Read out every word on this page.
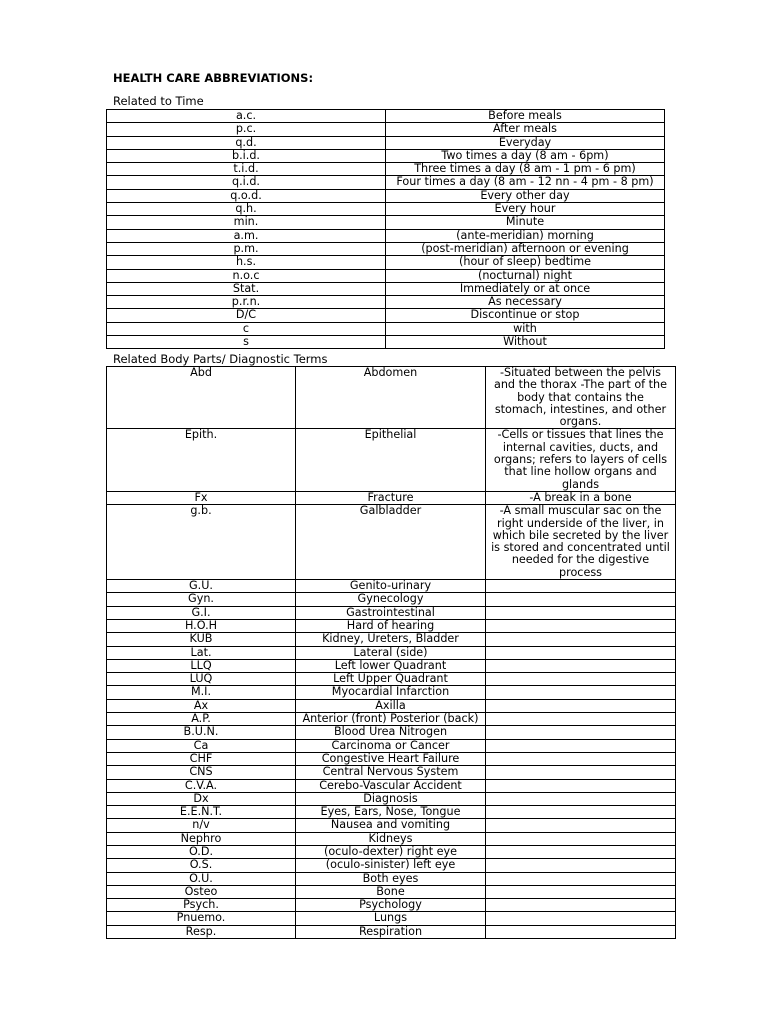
HEALTH CARE ABBREVIATIONS:
Related to Time
a.c.	Before meals
p.c.	After meals
q.d.	Everyday
b.i.d.	Two times a day (8 am - 6pm)
t.i.d.	Three times a day (8 am - 1 pm - 6 pm)
q.i.d.	Four times a day (8 am - 12 nn - 4 pm - 8 pm)
q.o.d.	Every other day
q.h.	Every hour
min.	Minute
a.m.	(ante-meridian) morning
p.m.	(post-meridian) afternoon or evening
h.s.	(hour of sleep) bedtime
n.o.c	(nocturnal) night
Stat.	Immediately or at once
p.r.n.	As necessary
D/C	Discontinue or stop
c	with
s	Without
Related Body Parts/ Diagnostic Terms
Abd	Abdomen	-Situated between the pelvis and the thorax -The part of the body that contains the stomach, intestines, and other organs.
Epith.	Epithelial	-Cells or tissues that lines the internal cavities, ducts, and organs; refers to layers of cells that line hollow organs and glands
Fx	Fracture	-A break in a bone
g.b.	Galbladder	-A small muscular sac on the right underside of the liver, in which bile secreted by the liver is stored and concentrated until needed for the digestive process
G.U.	Genito-urinary	
Gyn.	Gynecology	
G.I.	Gastrointestinal	
H.O.H	Hard of hearing	
KUB	Kidney, Ureters, Bladder	
Lat.	Lateral (side)	
LLQ	Left lower Quadrant	
LUQ	Left Upper Quadrant	
M.I.	Myocardial Infarction	
Ax	Axilla	
A.P.	Anterior (front) Posterior (back)	
B.U.N.	Blood Urea Nitrogen	
Ca	Carcinoma or Cancer	
CHF	Congestive Heart Failure	
CNS	Central Nervous System	
C.V.A.	Cerebo-Vascular Accident	
Dx	Diagnosis	
E.E.N.T.	Eyes, Ears, Nose, Tongue	
n/v	Nausea and vomiting	
Nephro	Kidneys	
O.D.	(oculo-dexter) right eye	
O.S.	(oculo-sinister) left eye	
O.U.	Both eyes	
Osteo	Bone	
Psych.	Psychology	
Pnuemo.	Lungs	
Resp.	Respiration	
